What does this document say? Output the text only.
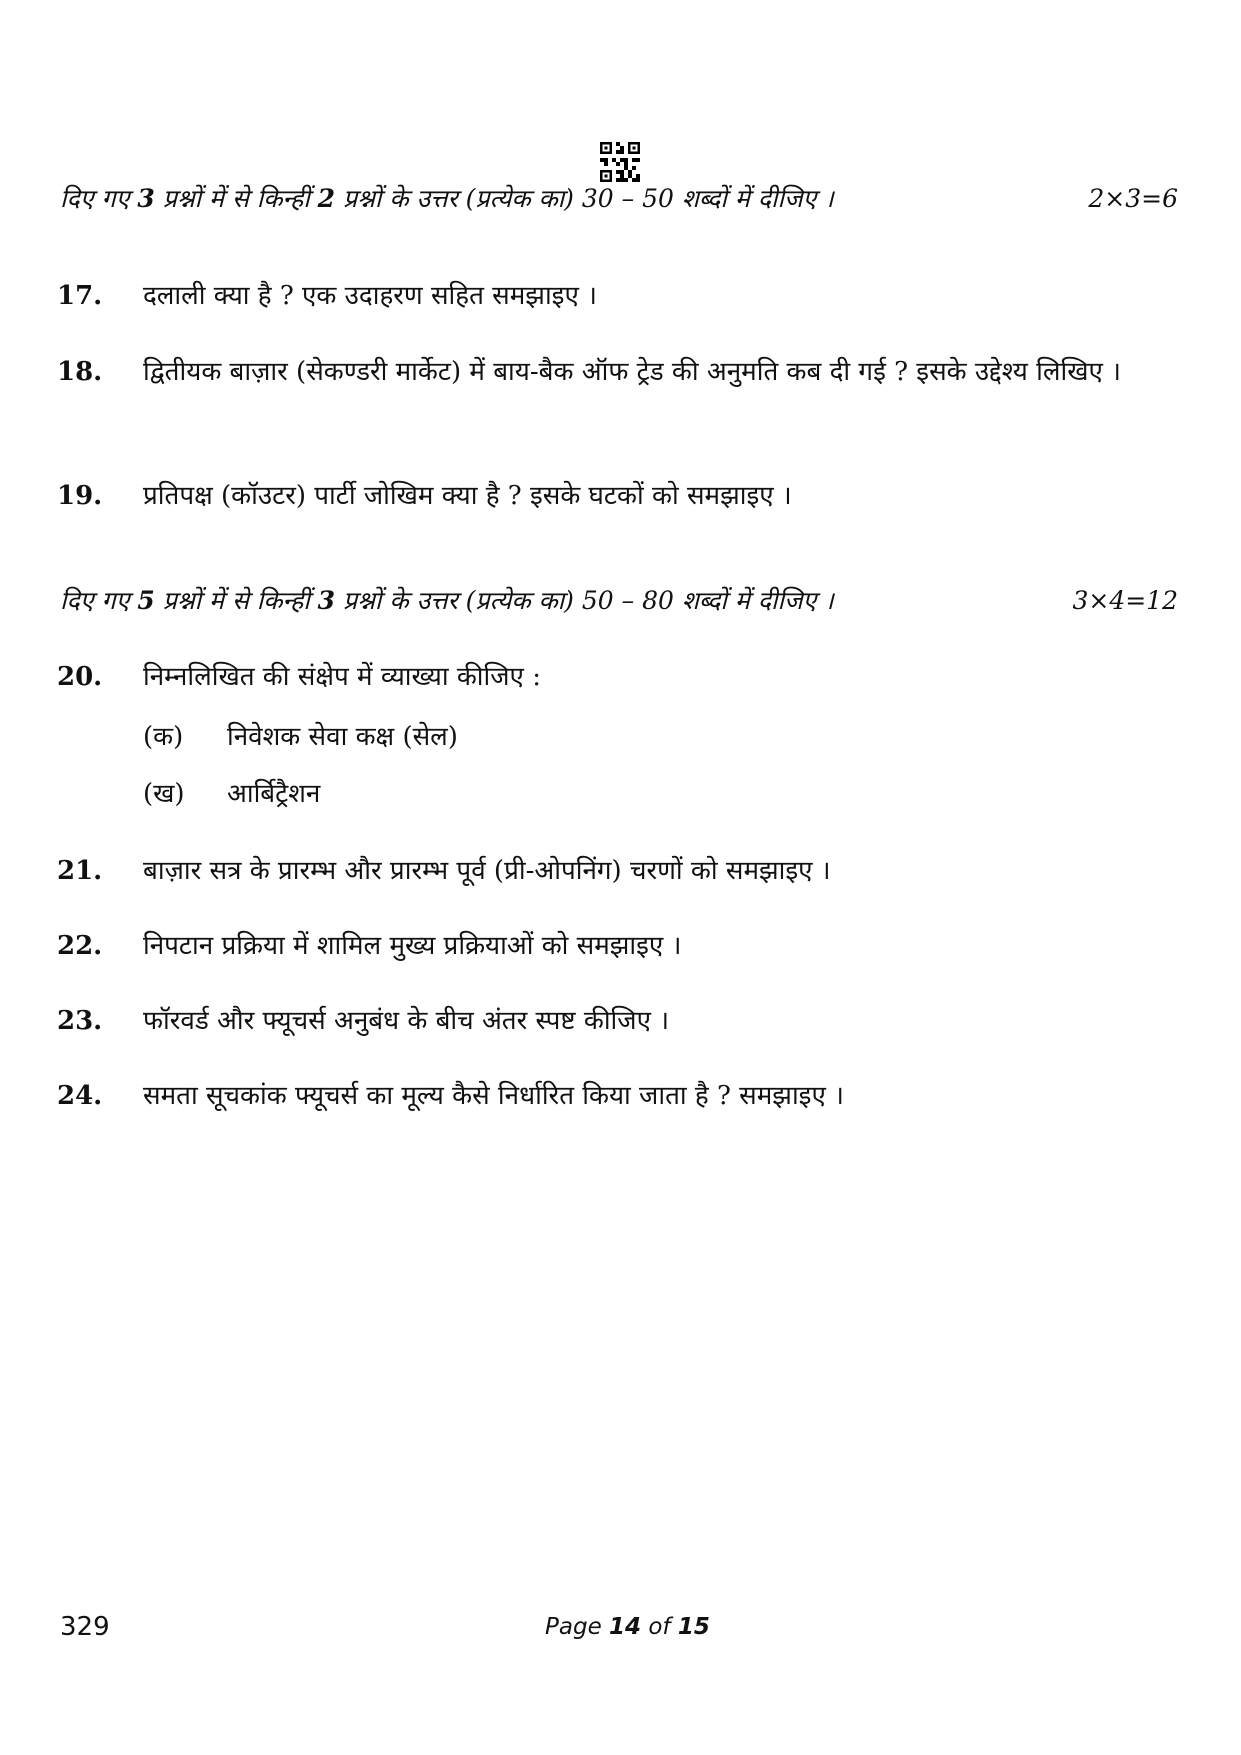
दिए गए 3 प्रश्नों में से किन्हीं 2 प्रश्नों के उत्तर (प्रत्येक का) 30 – 50 शब्दों में दीजिए ।	2×3=6
17. दलाली क्या है ? एक उदाहरण सहित समझाइए ।
18. द्वितीयक बाज़ार (सेकण्डरी मार्केट) में बाय-बैक ऑफ ट्रेड की अनुमति कब दी गई ? इसके उद्देश्य लिखिए ।
19. प्रतिपक्ष (कॉउटर) पार्टी जोखिम क्या है ? इसके घटकों को समझाइए ।
दिए गए 5 प्रश्नों में से किन्हीं 3 प्रश्नों के उत्तर (प्रत्येक का) 50 – 80 शब्दों में दीजिए ।	3×4=12
20. निम्नलिखित की संक्षेप में व्याख्या कीजिए :
(क) निवेशक सेवा कक्ष (सेल)
(ख) आर्बिट्रैशन
21. बाज़ार सत्र के प्रारम्भ और प्रारम्भ पूर्व (प्री-ओपनिंग) चरणों को समझाइए ।
22. निपटान प्रक्रिया में शामिल मुख्य प्रक्रियाओं को समझाइए ।
23. फॉरवर्ड और फ्यूचर्स अनुबंध के बीच अंतर स्पष्ट कीजिए ।
24. समता सूचकांक फ्यूचर्स का मूल्य कैसे निर्धारित किया जाता है ? समझाइए ।
329	Page 14 of 15
